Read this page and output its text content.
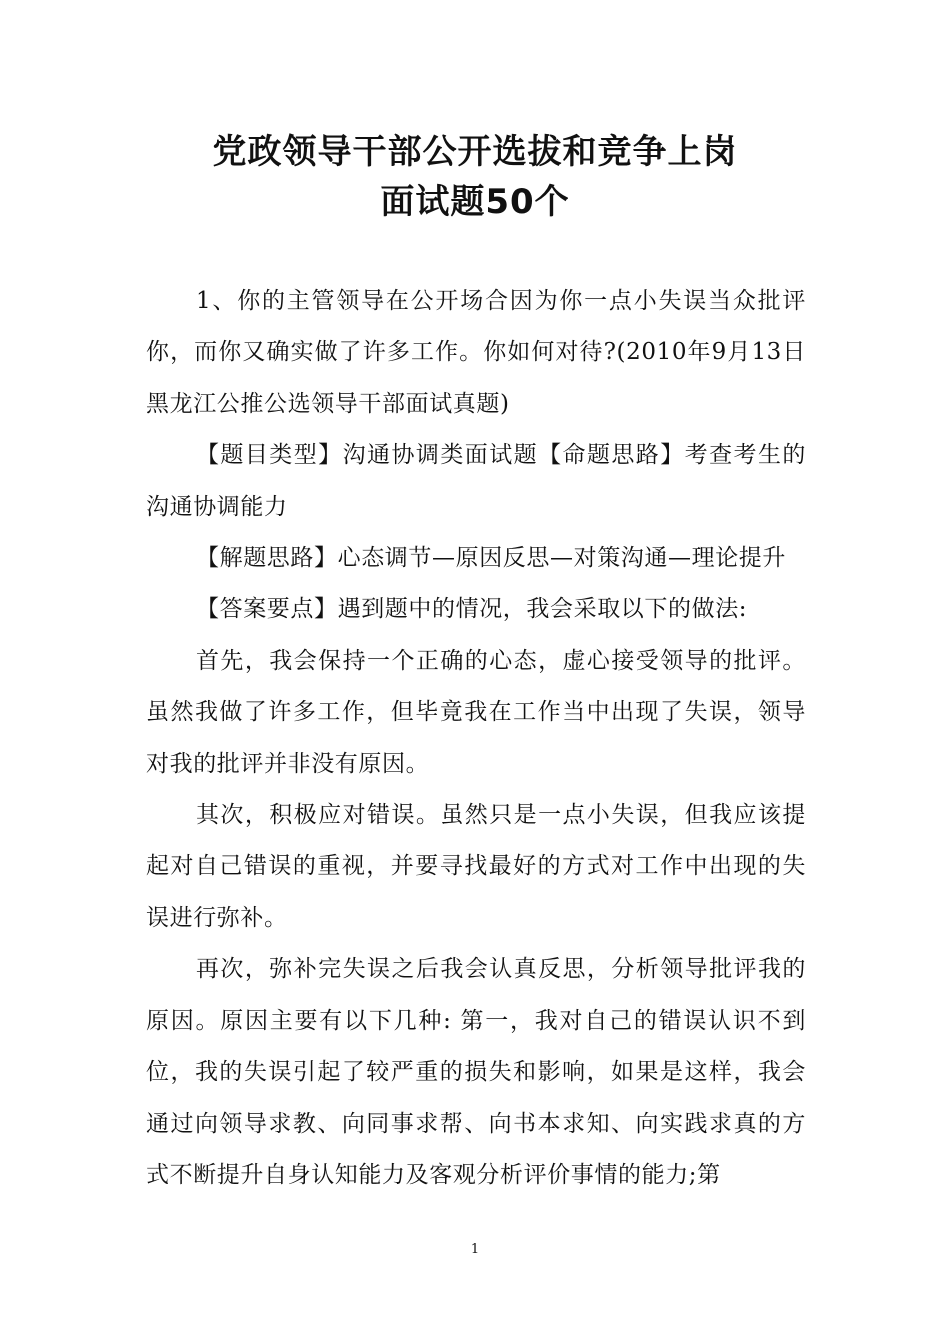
党政领导干部公开选拔和竞争上岗
面试题50个

1、你的主管领导在公开场合因为你一点小失误当众批评你，而你又确实做了许多工作。你如何对待?(2010年9月13日黑龙江公推公选领导干部面试真题)

【题目类型】沟通协调类面试题【命题思路】考查考生的沟通协调能力

【解题思路】心态调节—原因反思—对策沟通—理论提升

【答案要点】遇到题中的情况，我会采取以下的做法:

首先，我会保持一个正确的心态，虚心接受领导的批评。虽然我做了许多工作，但毕竟我在工作当中出现了失误，领导对我的批评并非没有原因。

其次，积极应对错误。虽然只是一点小失误，但我应该提起对自己错误的重视，并要寻找最好的方式对工作中出现的失误进行弥补。

再次，弥补完失误之后我会认真反思，分析领导批评我的原因。原因主要有以下几种: 第一，我对自己的错误认识不到位，我的失误引起了较严重的损失和影响，如果是这样，我会通过向领导求教、向同事求帮、向书本求知、向实践求真的方式不断提升自身认知能力及客观分析评价事情的能力;第

1
